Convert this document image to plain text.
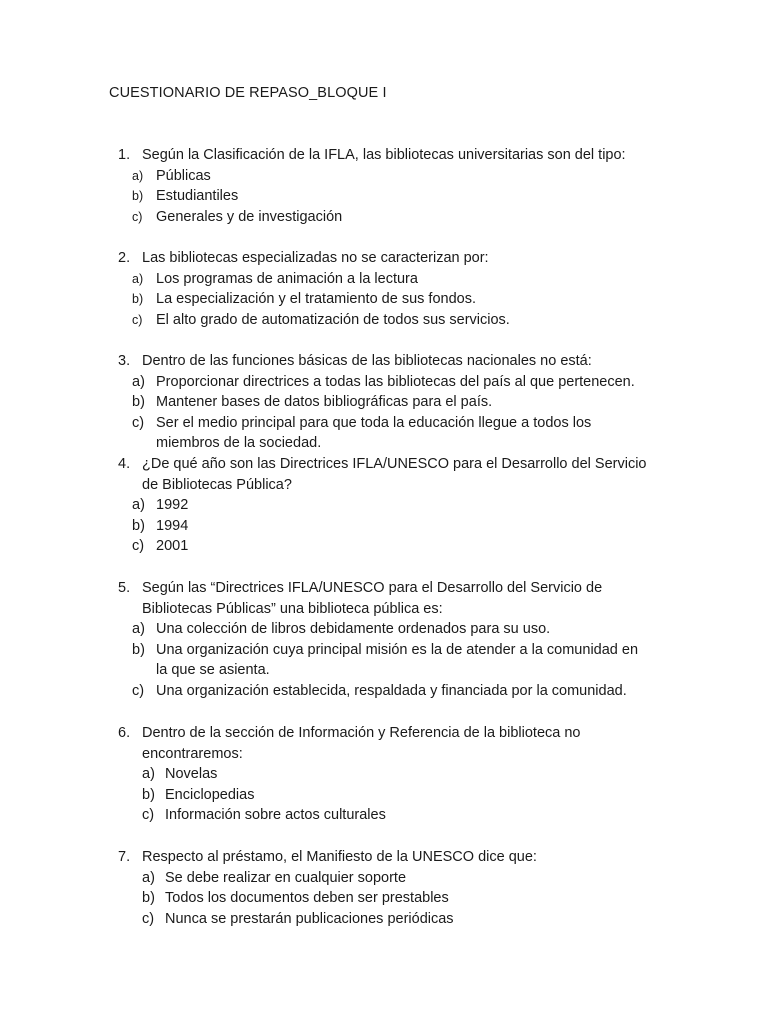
CUESTIONARIO DE REPASO_BLOQUE I
1. Según la Clasificación de la IFLA, las bibliotecas universitarias son del tipo:
a) Públicas
b) Estudiantiles
c) Generales y de investigación
2. Las bibliotecas especializadas no se caracterizan por:
a) Los programas de animación a la lectura
b) La especialización y el tratamiento de sus fondos.
c) El alto grado de automatización de todos sus servicios.
3. Dentro de las funciones básicas de las bibliotecas nacionales no está:
a) Proporcionar directrices a todas las bibliotecas del país al que pertenecen.
b) Mantener bases de datos bibliográficas para el país.
c) Ser el medio principal para que toda la educación llegue a todos los
miembros de la sociedad.
4. ¿De qué año son las Directrices IFLA/UNESCO para el Desarrollo del Servicio
de Bibliotecas Pública?
a) 1992
b) 1994
c) 2001
5. Según las “Directrices IFLA/UNESCO para el Desarrollo del Servicio de
Bibliotecas Públicas” una biblioteca pública es:
a) Una colección de libros debidamente ordenados para su uso.
b) Una organización cuya principal misión es la de atender a la comunidad en
la que se asienta.
c) Una organización establecida, respaldada y financiada por la comunidad.
6. Dentro de la sección de Información y Referencia de la biblioteca no
encontraremos:
a) Novelas
b) Enciclopedias
c) Información sobre actos culturales
7. Respecto al préstamo, el Manifiesto de la UNESCO dice que:
a) Se debe realizar en cualquier soporte
b) Todos los documentos deben ser prestables
c) Nunca se prestarán publicaciones periódicas
